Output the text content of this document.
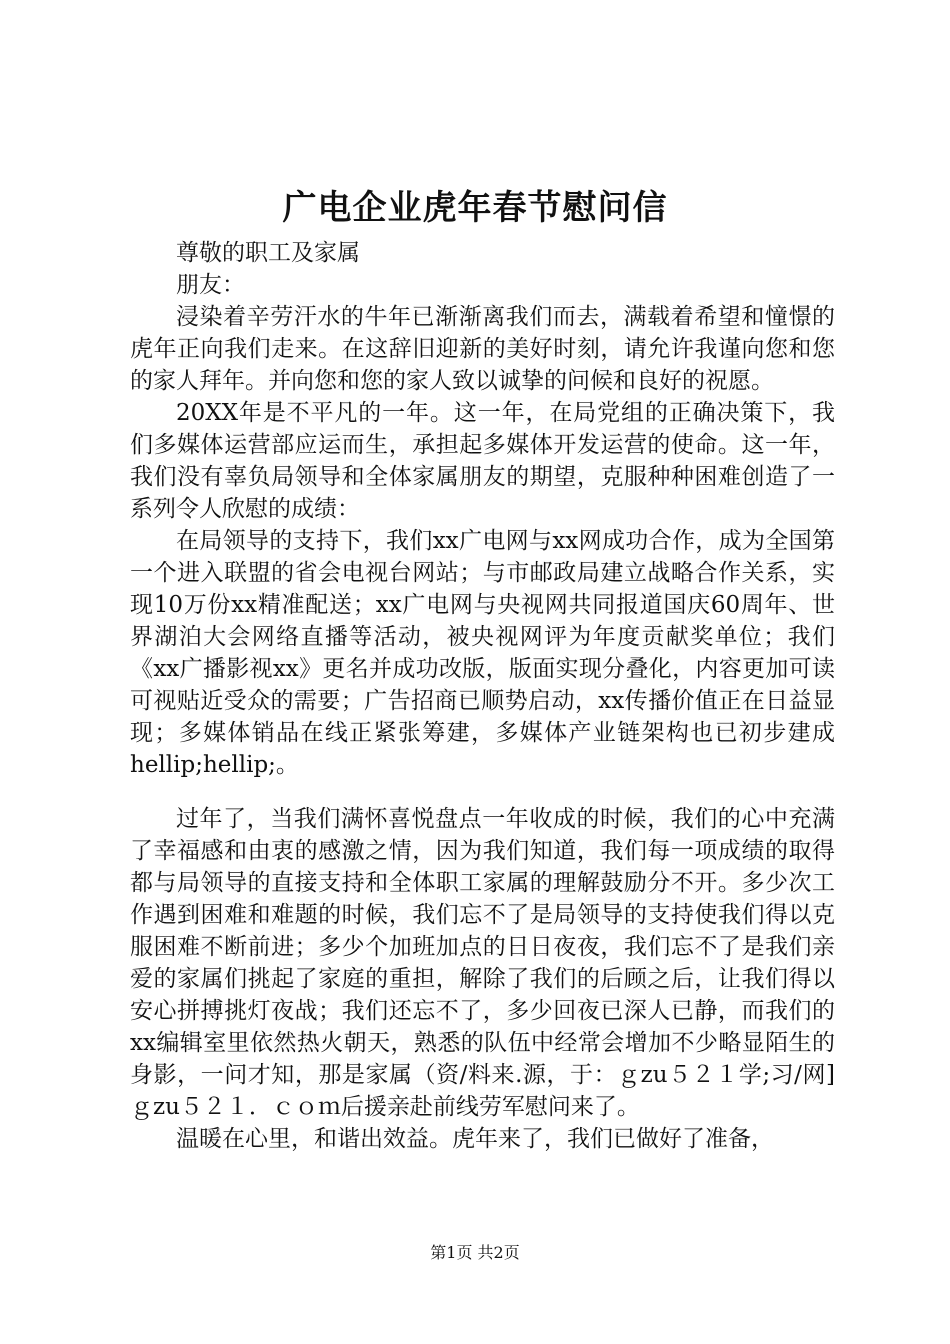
广电企业虎年春节慰问信

尊敬的职工及家属

朋友：

浸染着辛劳汗水的牛年已渐渐离我们而去，满载着希望和憧憬的虎年正向我们走来。在这辞旧迎新的美好时刻，请允许我谨向您和您的家人拜年。并向您和您的家人致以诚挚的问候和良好的祝愿。

20XX年是不平凡的一年。这一年，在局党组的正确决策下，我们多媒体运营部应运而生，承担起多媒体开发运营的使命。这一年，我们没有辜负局领导和全体家属朋友的期望，克服种种困难创造了一系列令人欣慰的成绩：

在局领导的支持下，我们xx广电网与xx网成功合作，成为全国第一个进入联盟的省会电视台网站；与市邮政局建立战略合作关系，实现10万份xx精准配送；xx广电网与央视网共同报道国庆60周年、世界湖泊大会网络直播等活动，被央视网评为年度贡献奖单位；我们《xx广播影视xx》更名并成功改版，版面实现分叠化，内容更加可读可视贴近受众的需要；广告招商已顺势启动，xx传播价值正在日益显现；多媒体销品在线正紧张筹建，多媒体产业链架构也已初步建成hellip;hellip;。

过年了，当我们满怀喜悦盘点一年收成的时候，我们的心中充满了幸福感和由衷的感激之情，因为我们知道，我们每一项成绩的取得都与局领导的直接支持和全体职工家属的理解鼓励分不开。多少次工作遇到困难和难题的时候，我们忘不了是局领导的支持使我们得以克服困难不断前进；多少个加班加点的日日夜夜，我们忘不了是我们亲爱的家属们挑起了家庭的重担，解除了我们的后顾之后，让我们得以安心拼搏挑灯夜战；我们还忘不了，多少回夜已深人已静，而我们的xx编辑室里依然热火朝天，熟悉的队伍中经常会增加不少略显陌生的身影，一问才知，那是家属（资/料来.源，于：ｇzu５２１学;习/网]ｇzu５２１．ｃｏｍ后援亲赴前线劳军慰问来了。

温暖在心里，和谐出效益。虎年来了，我们已做好了准备，

第1页 共2页
